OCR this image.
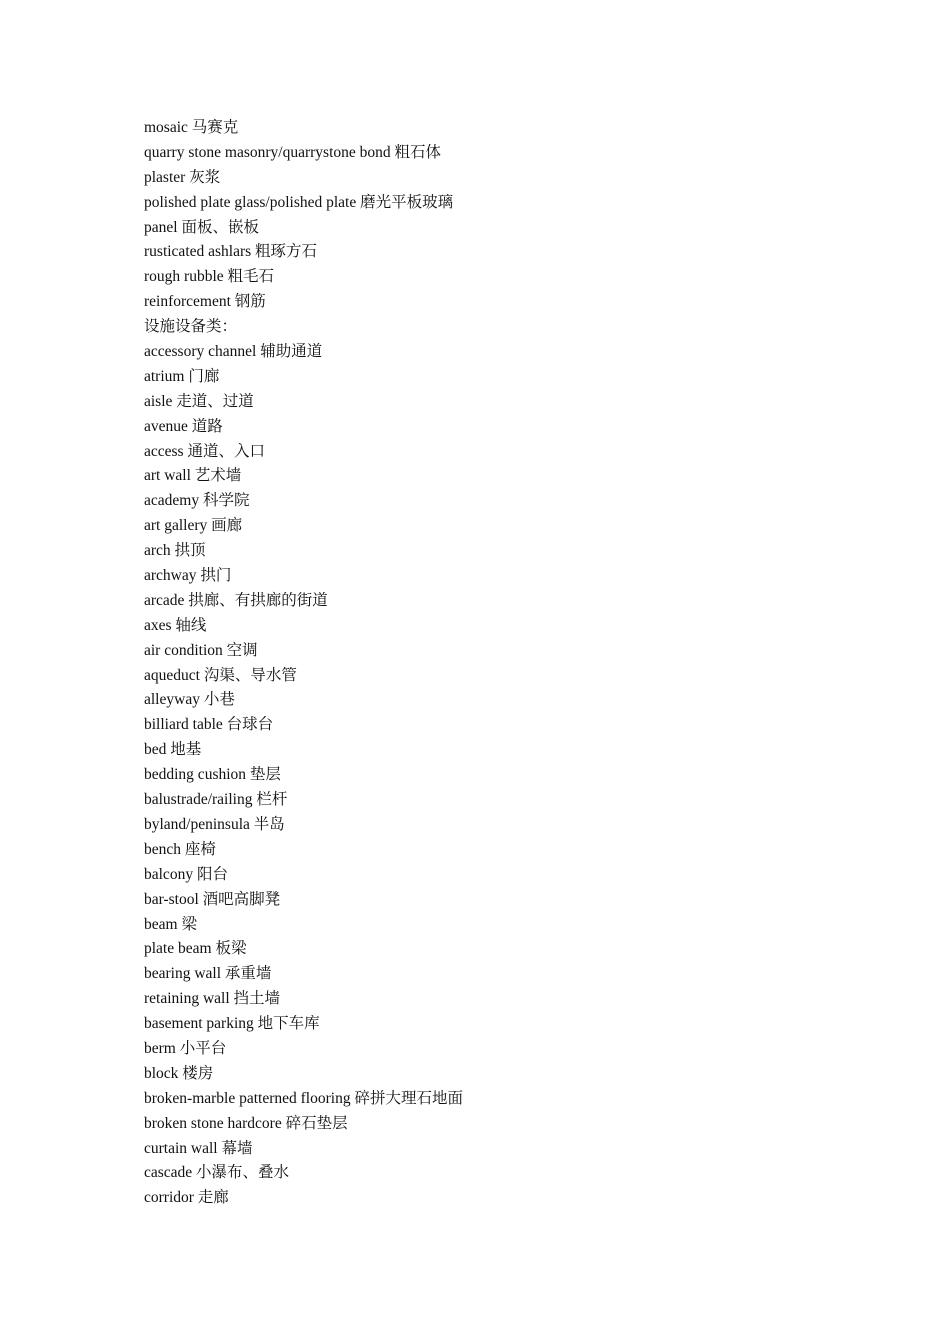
mosaic 马赛克
quarry stone masonry/quarrystone bond 粗石体
plaster 灰浆
polished plate glass/polished plate 磨光平板玻璃
panel 面板、嵌板
rusticated ashlars 粗琢方石
rough rubble 粗毛石
reinforcement 钢筋
设施设备类：
accessory channel 辅助通道
atrium 门廊
aisle 走道、过道
avenue 道路
access 通道、入口
art wall 艺术墙
academy 科学院
art gallery 画廊
arch 拱顶
archway 拱门
arcade 拱廊、有拱廊的街道
axes 轴线
air condition 空调
aqueduct 沟渠、导水管
alleyway 小巷
billiard table 台球台
bed 地基
bedding cushion 垫层
balustrade/railing 栏杆
byland/peninsula 半岛
bench 座椅
balcony 阳台
bar-stool 酒吧高脚凳
beam 梁
plate beam 板梁
bearing wall 承重墙
retaining wall 挡土墙
basement parking 地下车库
berm 小平台
block 楼房
broken-marble patterned flooring 碎拼大理石地面
broken stone hardcore 碎石垫层
curtain wall 幕墙
cascade 小瀑布、叠水
corridor 走廊
